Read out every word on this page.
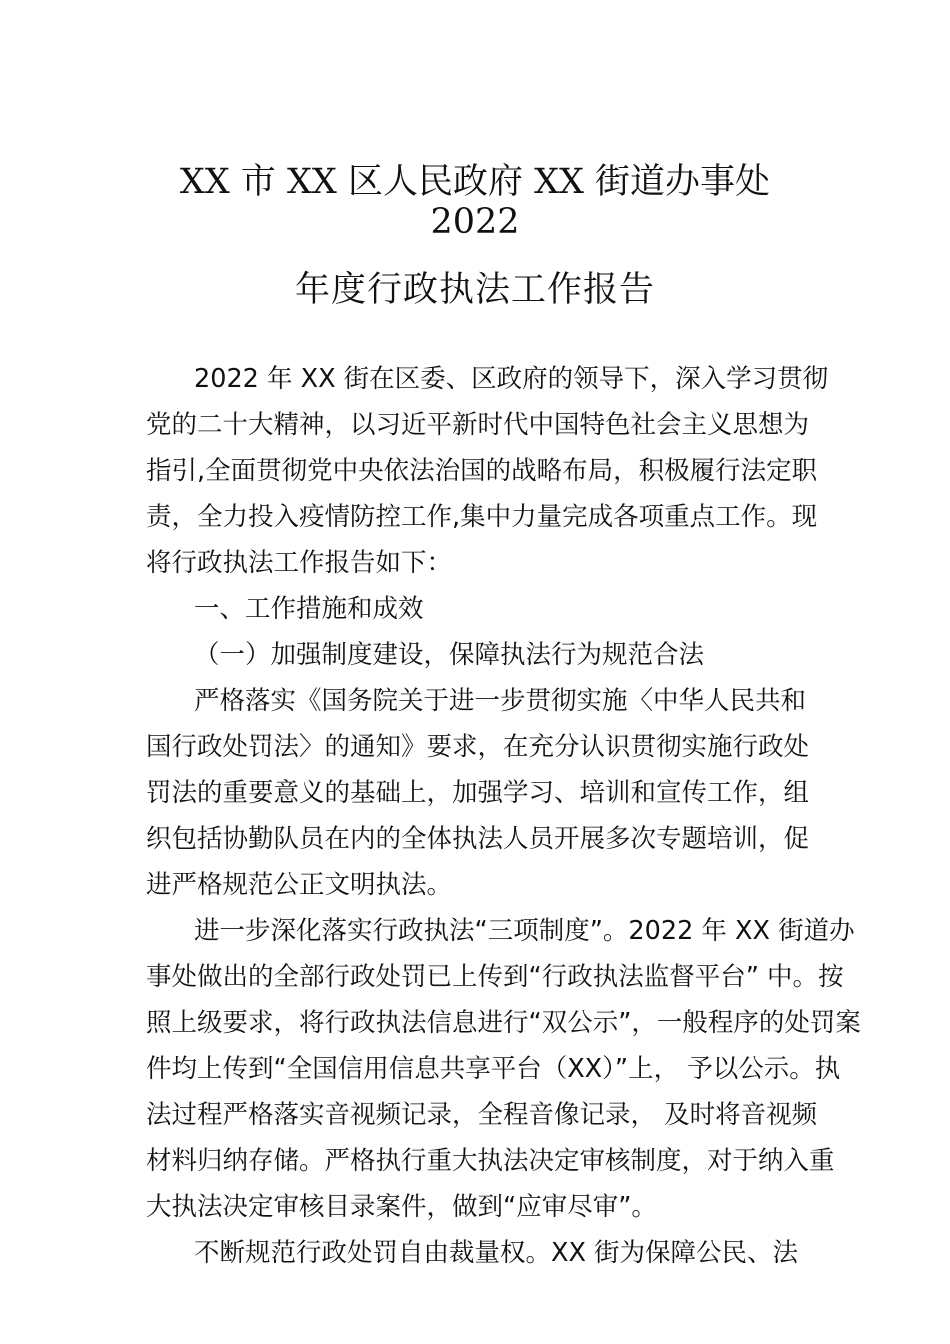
XX 市 XX 区人民政府 XX 街道办事处
2022
年度行政执法工作报告
2022 年 XX 街在区委、区政府的领导下，深入学习贯彻
党的二十大精神，以习近平新时代中国特色社会主义思想为
指引,全面贯彻党中央依法治国的战略布局，积极履行法定职
责，全力投入疫情防控工作,集中力量完成各项重点工作。现
将行政执法工作报告如下：
一、工作措施和成效
（一）加强制度建设，保障执法行为规范合法
严格落实《国务院关于进一步贯彻实施〈中华人民共和
国行政处罚法〉的通知》要求，在充分认识贯彻实施行政处
罚法的重要意义的基础上，加强学习、培训和宣传工作，组
织包括协勤队员在内的全体执法人员开展多次专题培训，促
进严格规范公正文明执法。
进一步深化落实行政执法“三项制度”。2022 年 XX 街道办
事处做出的全部行政处罚已上传到“行政执法监督平台” 中。按
照上级要求，将行政执法信息进行“双公示”，一般程序的处罚案
件均上传到“全国信用信息共享平台（XX）”上， 予以公示。执
法过程严格落实音视频记录，全程音像记录， 及时将音视频
材料归纳存储。严格执行重大执法决定审核制度，对于纳入重
大执法决定审核目录案件，做到“应审尽审”。
不断规范行政处罚自由裁量权。XX 街为保障公民、法
